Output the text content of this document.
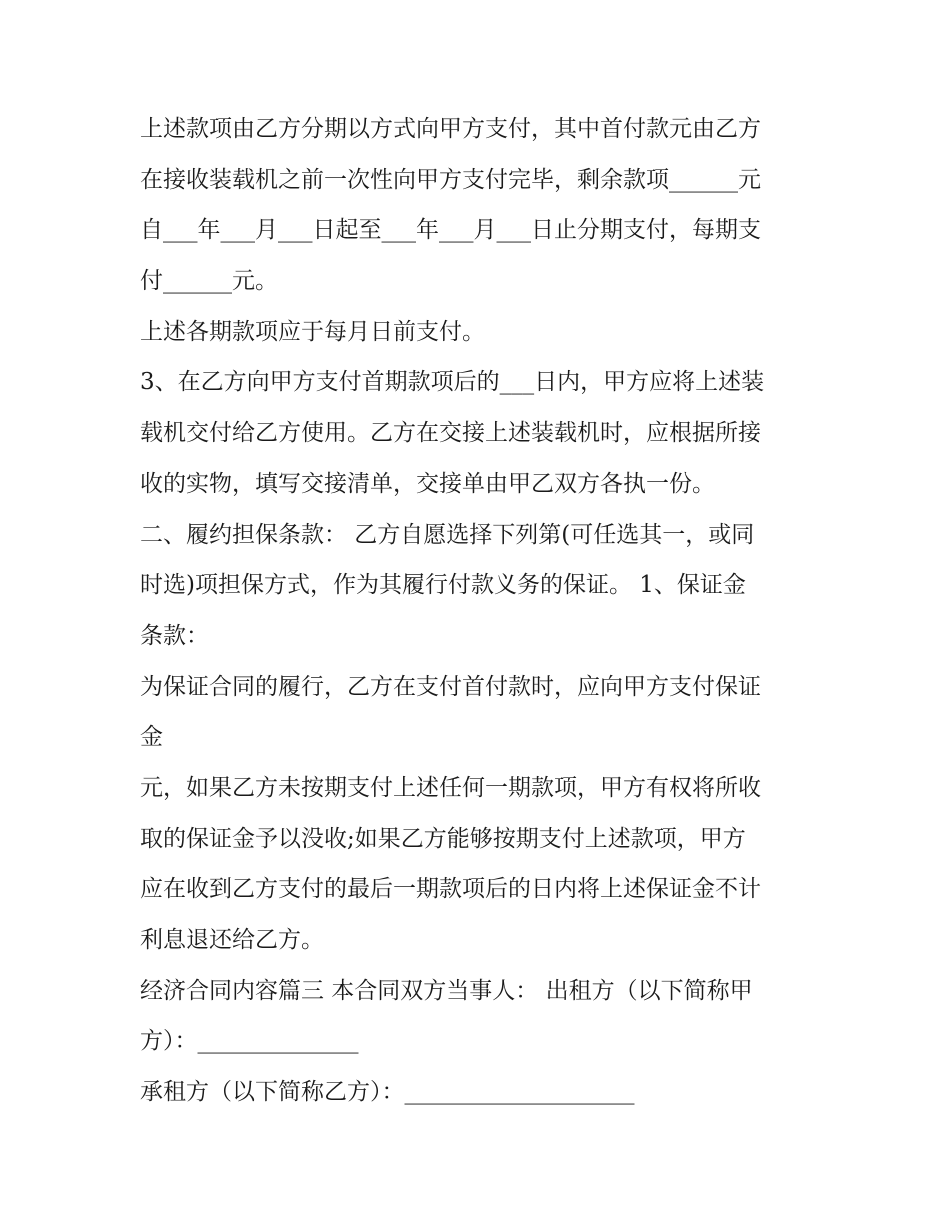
上述款项由乙方分期以方式向甲方支付，其中首付款元由乙方
在接收装载机之前一次性向甲方支付完毕，剩余款项______元
自___年___月___日起至___年___月___日止分期支付，每期支
付______元。
上述各期款项应于每月日前支付。
3、在乙方向甲方支付首期款项后的___日内，甲方应将上述装
载机交付给乙方使用。乙方在交接上述装载机时，应根据所接
收的实物，填写交接清单，交接单由甲乙双方各执一份。
二、履约担保条款： 乙方自愿选择下列第(可任选其一，或同
时选)项担保方式，作为其履行付款义务的保证。 1、保证金
条款：
为保证合同的履行，乙方在支付首付款时，应向甲方支付保证
金
元，如果乙方未按期支付上述任何一期款项，甲方有权将所收
取的保证金予以没收;如果乙方能够按期支付上述款项，甲方
应在收到乙方支付的最后一期款项后的日内将上述保证金不计
利息退还给乙方。
经济合同内容篇三 本合同双方当事人： 出租方（以下简称甲
方）：______________
承租方（以下简称乙方）：____________________
